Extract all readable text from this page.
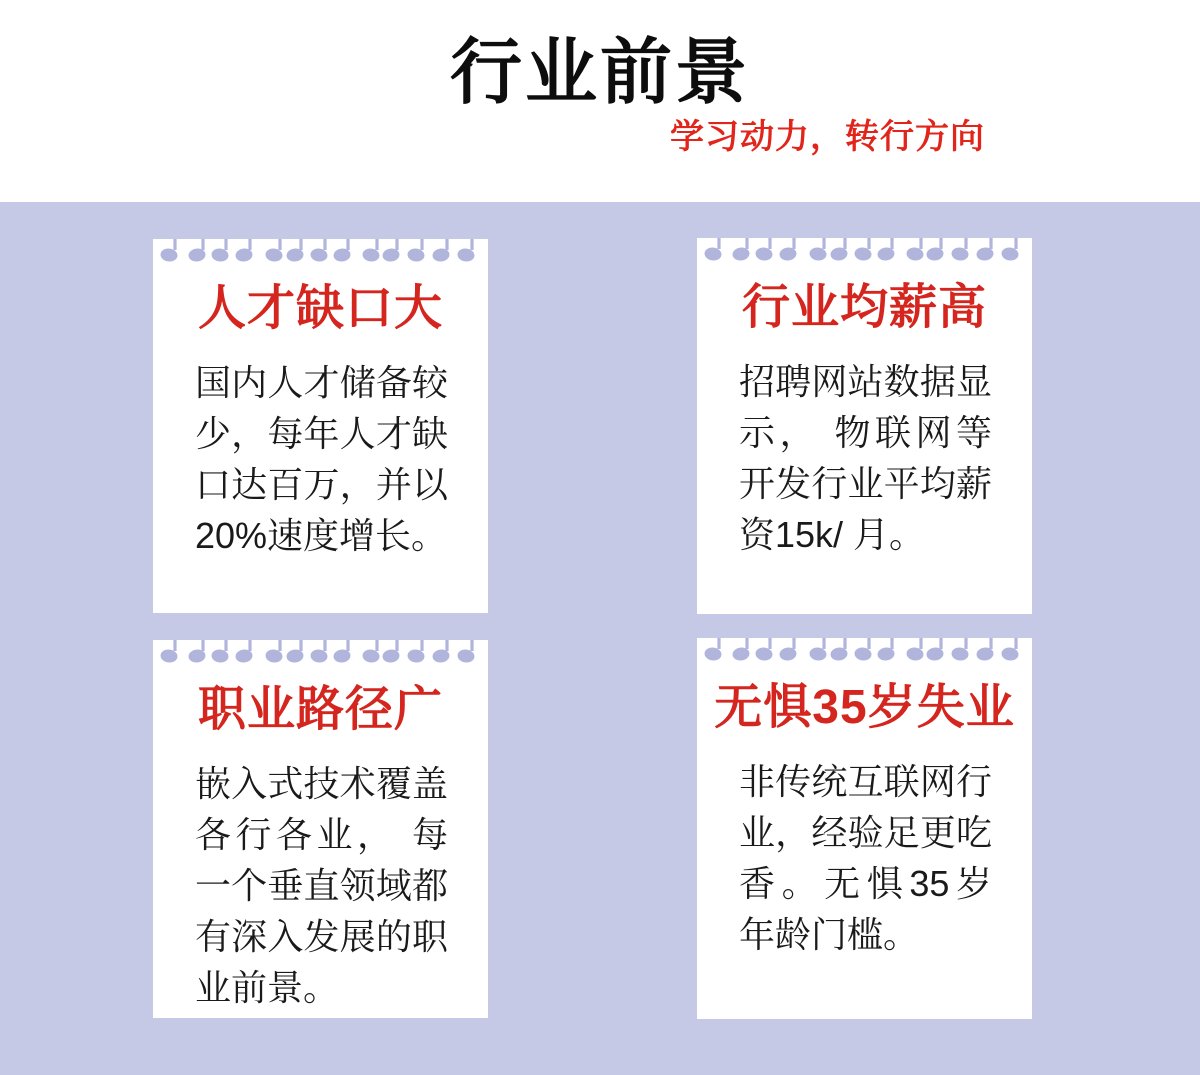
行业前景
学习动力，转行方向
人才缺口大
国内人才储备较少，每年人才缺口达百万，并以20%速度增长。
行业均薪高
招聘网站数据显示， 物联网等开发行业平均薪资15k/ 月。
职业路径广
嵌入式技术覆盖各行各业， 每一个垂直领域都有深入发展的职业前景。
无惧35岁失业
非传统互联网行业，经验足更吃香。无惧35岁年龄门槛。
